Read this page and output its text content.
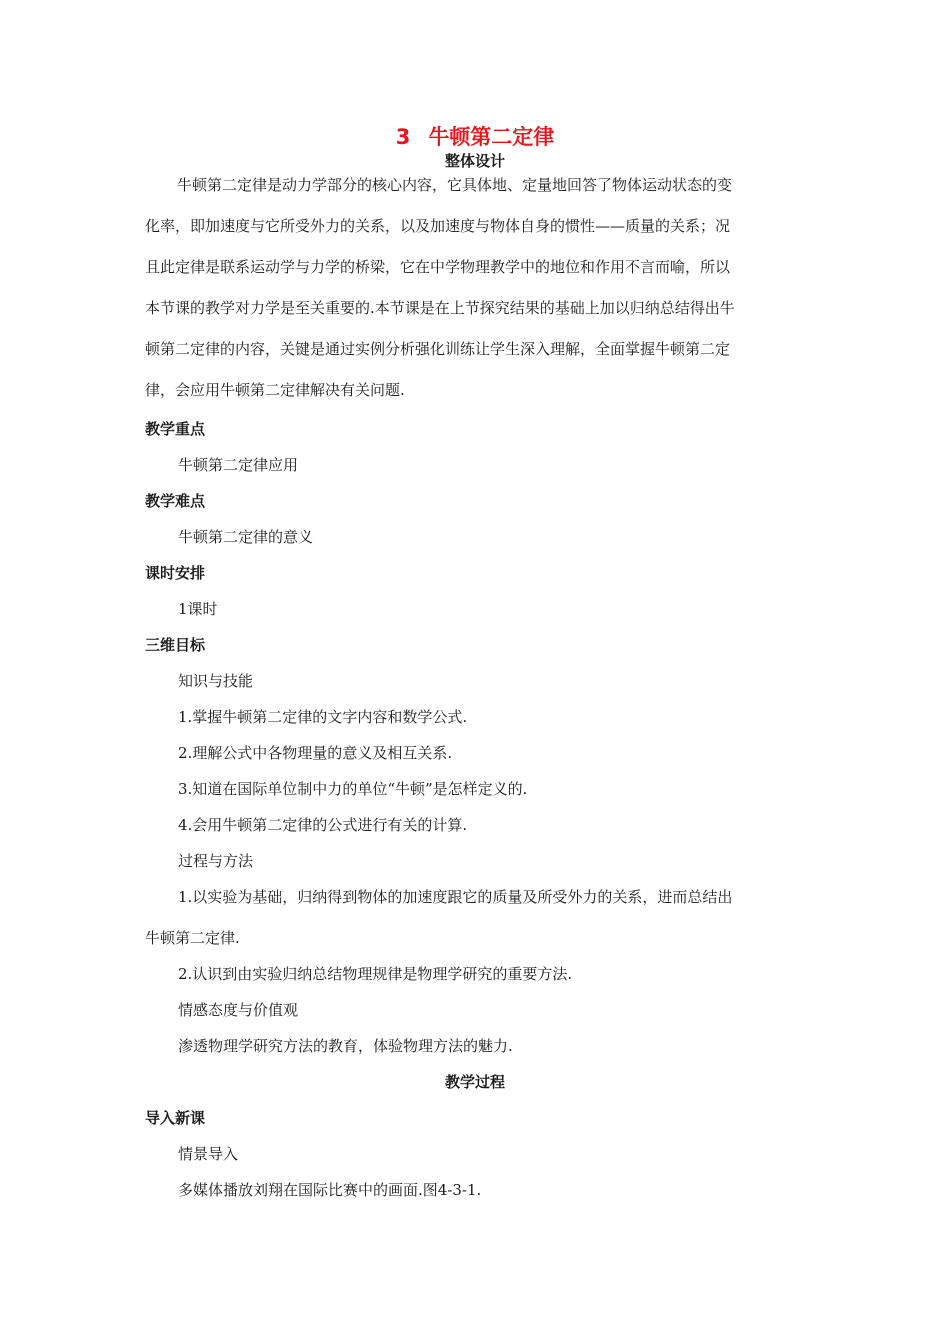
3 牛顿第二定律
整体设计
牛顿第二定律是动力学部分的核心内容，它具体地、定量地回答了物体运动状态的变
化率，即加速度与它所受外力的关系，以及加速度与物体自身的惯性——质量的关系；况
且此定律是联系运动学与力学的桥梁，它在中学物理教学中的地位和作用不言而喻，所以
本节课的教学对力学是至关重要的.本节课是在上节探究结果的基础上加以归纳总结得出牛
顿第二定律的内容，关键是通过实例分析强化训练让学生深入理解，全面掌握牛顿第二定
律，会应用牛顿第二定律解决有关问题.
教学重点
牛顿第二定律应用
教学难点
牛顿第二定律的意义
课时安排
1课时
三维目标
知识与技能
1.掌握牛顿第二定律的文字内容和数学公式.
2.理解公式中各物理量的意义及相互关系.
3.知道在国际单位制中力的单位“牛顿”是怎样定义的.
4.会用牛顿第二定律的公式进行有关的计算.
过程与方法
1.以实验为基础，归纳得到物体的加速度跟它的质量及所受外力的关系，进而总结出
牛顿第二定律.
2.认识到由实验归纳总结物理规律是物理学研究的重要方法.
情感态度与价值观
渗透物理学研究方法的教育，体验物理方法的魅力.
教学过程
导入新课
情景导入
多媒体播放刘翔在国际比赛中的画面.图4-3-1.
